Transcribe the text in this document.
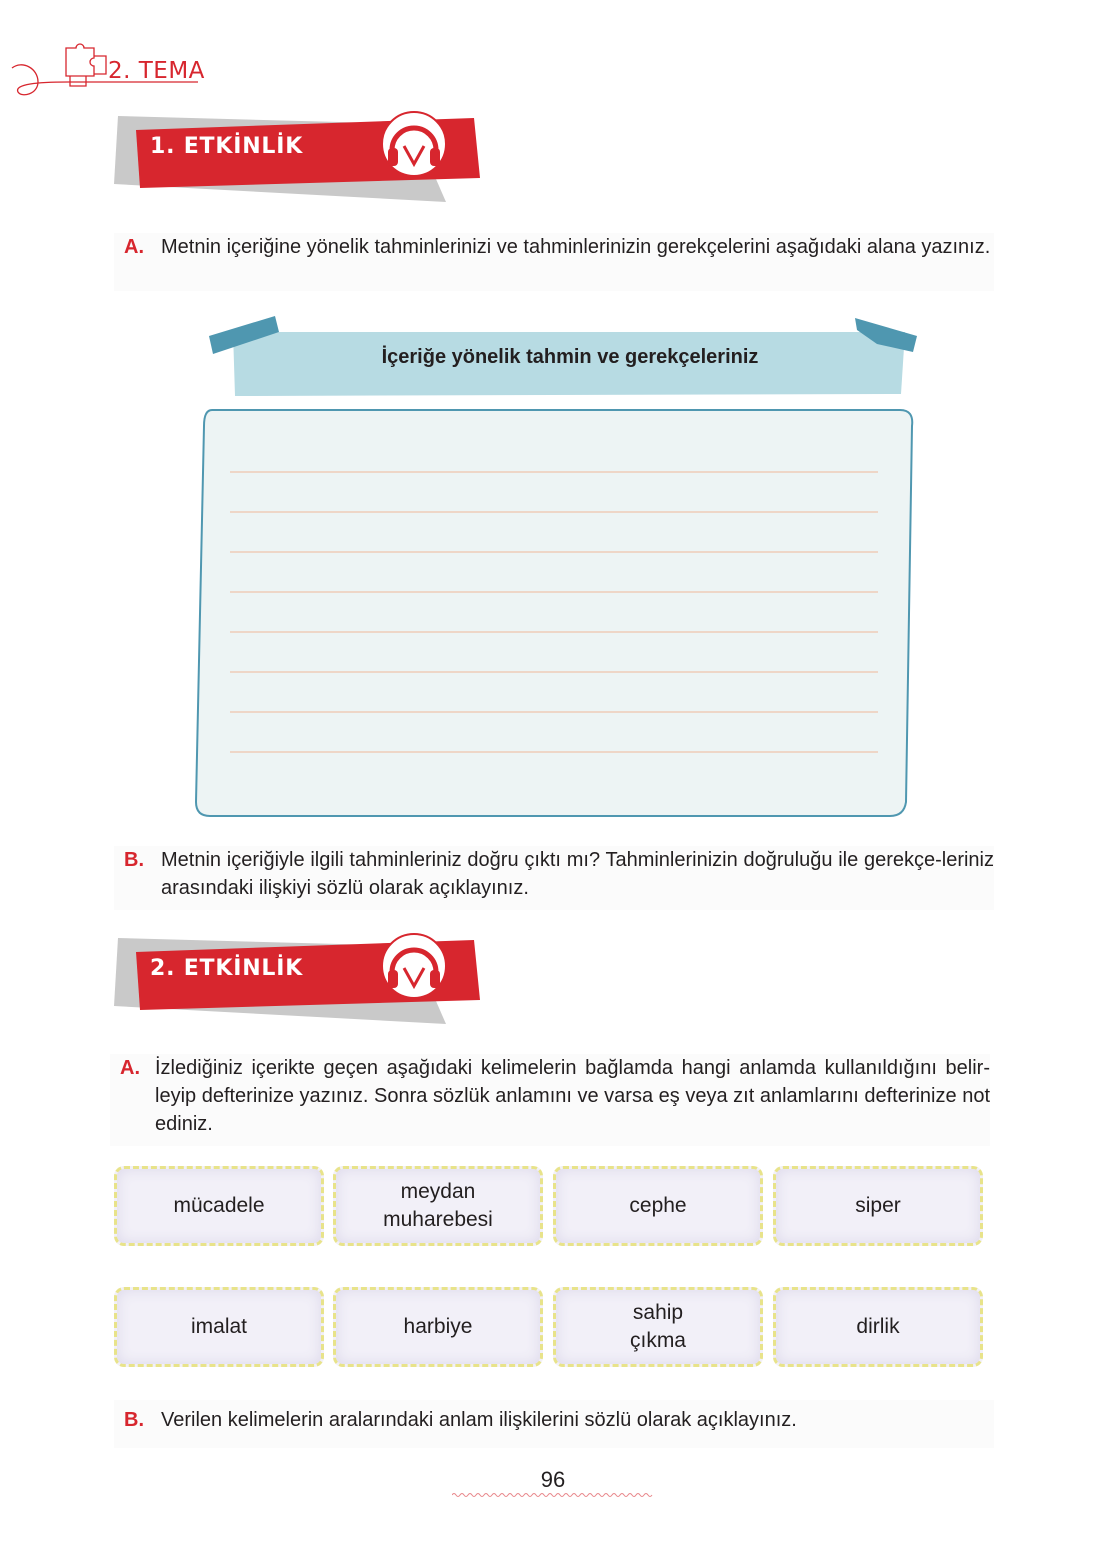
2. TEMA
1. ETKİNLİK
A. Metnin içeriğine yönelik tahminlerinizi ve tahminlerinizin gerekçelerini aşağıdaki alana yazınız.
İçeriğe yönelik tahmin ve gerekçeleriniz
B. Metnin içeriğiyle ilgili tahminleriniz doğru çıktı mı? Tahminlerinizin doğruluğu ile gerekçe-leriniz arasındaki ilişkiyi sözlü olarak açıklayınız.
2. ETKİNLİK
A. İzlediğiniz içerikte geçen aşağıdaki kelimelerin bağlamda hangi anlamda kullanıldığını belir-leyip defterinize yazınız. Sonra sözlük anlamını ve varsa eş veya zıt anlamlarını defterinize not ediniz.
mücadele
meydan
muharebesi
cephe	siper
imalat	harbiye
sahip
çıkma
dirlik
B. Verilen kelimelerin aralarındaki anlam ilişkilerini sözlü olarak açıklayınız.
96
